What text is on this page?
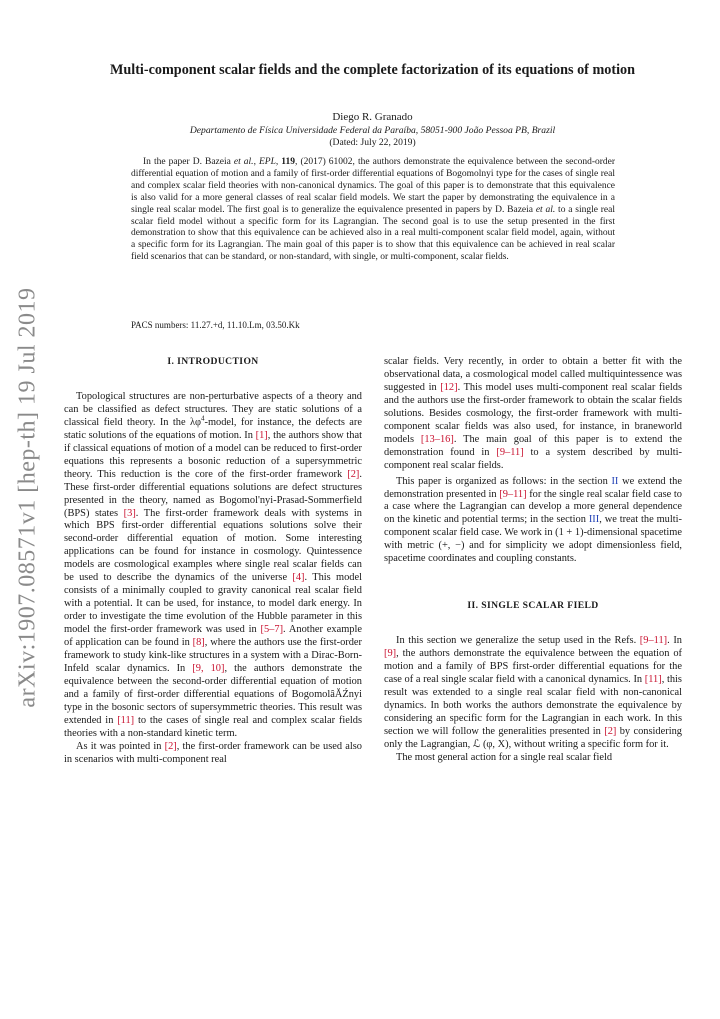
arXiv:1907.08571v1 [hep-th] 19 Jul 2019
Multi-component scalar fields and the complete factorization of its equations of motion
Diego R. Granado
Departamento de Física Universidade Federal da Paraíba, 58051-900 João Pessoa PB, Brazil
(Dated: July 22, 2019)

In the paper D. Bazeia et al., EPL, 119, (2017) 61002, the authors demonstrate the equivalence between the second-order differential equation of motion and a family of first-order differential equations of Bogomolnyi type for the cases of single real and complex scalar field theories with non-canonical dynamics. The goal of this paper is to demonstrate that this equivalence is also valid for a more general classes of real scalar field models. We start the paper by demonstrating the equivalence in a single real scalar model. The first goal is to generalize the equivalence presented in papers by D. Bazeia et al. to a single real scalar field model without a specific form for its Lagrangian. The second goal is to use the setup presented in the first demonstration to show that this equivalence can be achieved also in a real multi-component scalar field model, again, without a specific form for its Lagrangian. The main goal of this paper is to show that this equivalence can be achieved in real scalar field scenarios that can be standard, or non-standard, with single, or multi-component, scalar fields.

PACS numbers: 11.27.+d, 11.10.Lm, 03.50.Kk
I. INTRODUCTION

Topological structures are non-perturbative aspects of a theory and can be classified as defect structures. They are static solutions of a classical field theory. In the $\lambda\varphi^4$-model, for instance, the defects are static solutions of the equations of motion. In [1], the authors show that if classical equations of motion of a model can be reduced to first-order equations this represents a bosonic reduction of a supersymmetric theory. This reduction is the core of the first-order framework [2]. These first-order differential equations solutions are defect structures presented in the theory, named as Bogomol'nyi-Prasad-Sommerfield (BPS) states [3]. The first-order framework deals with systems in which BPS first-order differential equations solutions solve their second-order differential equation of motion. Some interesting applications can be found for instance in cosmology. Quintessence models are cosmological examples where single real scalar fields can be used to describe the dynamics of the universe [4]. This model consists of a minimally coupled to gravity canonical real scalar field with a potential. It can be used, for instance, to model dark energy. In order to investigate the time evolution of the Hubble parameter in this model the first-order framework was used in [5–7]. Another example of application can be found in [8], where the authors use the first-order framework to study kink-like structures in a system with a Dirac-Born-Infeld scalar dynamics. In [9, 10], the authors demonstrate the equivalence between the second-order differential equation of motion and a family of first-order differential equations of BogomolâĂŹnyi type in the bosonic sectors of supersymmetric theories. This result was extended in [11] to the cases of single real and complex scalar fields theories with a non-standard kinetic term.

As it was pointed in [2], the first-order framework can be used also in scenarios with multi-component real

scalar fields. Very recently, in order to obtain a better fit with the observational data, a cosmological model called multiquintessence was suggested in [12]. This model uses multi-component real scalar fields and the authors use the first-order framework to obtain the scalar fields solutions. Besides cosmology, the first-order framework with multi-component scalar fields was also used, for instance, in braneworld models [13–16]. The main goal of this paper is to extend the demonstration found in [9–11] to a system described by multi-component real scalar fields.

This paper is organized as follows: in the section II we extend the demonstration presented in [9–11] for the single real scalar field case to a case where the Lagrangian can develop a more general dependence on the kinetic and potential terms; in the section III, we treat the multi-component scalar field case. We work in (1 + 1)-dimensional spacetime with metric (+, −) and for simplicity we adopt dimensionless field, spacetime coordinates and coupling constants.

II. SINGLE SCALAR FIELD

In this section we generalize the setup used in the Refs. [9–11]. In [9], the authors demonstrate the equivalence between the equation of motion and a family of BPS first-order differential equations for the case of a real single scalar field with a canonical dynamics. In [11], this result was extended to a single real scalar field with non-canonical dynamics. In both works the authors demonstrate the equivalence by considering an specific form for the Lagrangian in each work. In this section we will follow the generalities presented in [2] by considering only the Lagrangian, ℒ (φ, X), without writing a specific form for it.

The most general action for a single real scalar field
